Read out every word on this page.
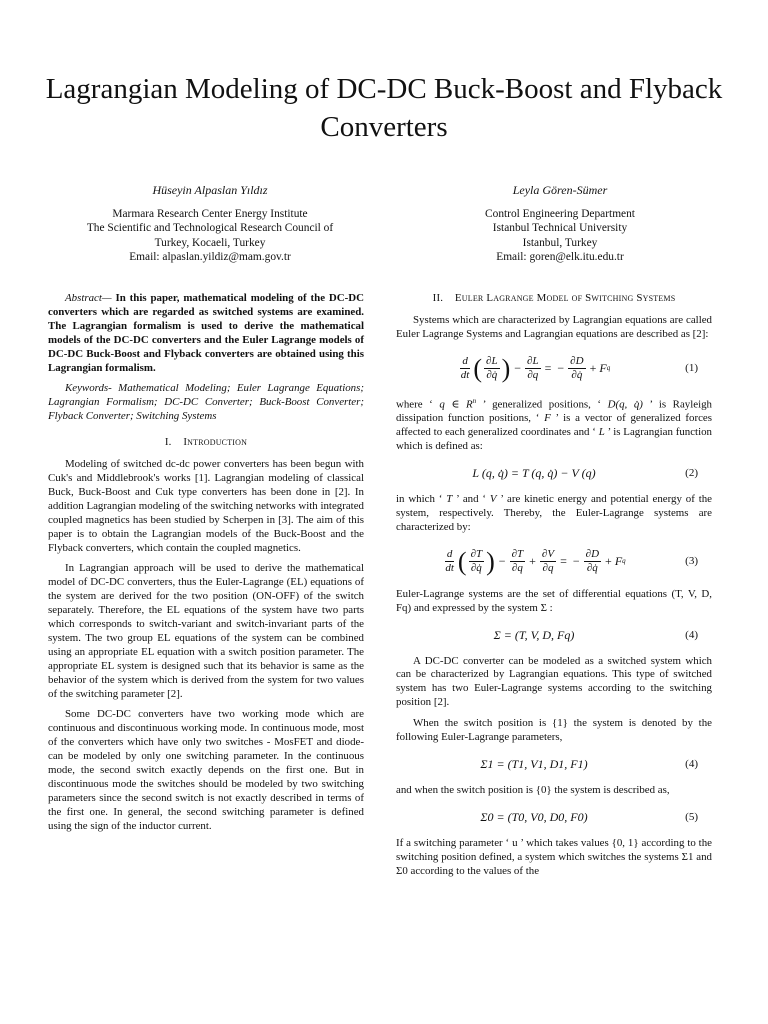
Lagrangian Modeling of DC-DC Buck-Boost and Flyback Converters
Hüseyin Alpaslan Yıldız
Marmara Research Center Energy Institute
The Scientific and Technological Research Council of
Turkey, Kocaeli, Turkey
Email: alpaslan.yildiz@mam.gov.tr
Leyla Gören-Sümer
Control Engineering Department
Istanbul Technical University
Istanbul, Turkey
Email: goren@elk.itu.edu.tr

Abstract— In this paper, mathematical modeling of the DC-DC converters which are regarded as switched systems are examined. The Lagrangian formalism is used to derive the mathematical models of the DC-DC converters and the Euler Lagrange models of DC-DC Buck-Boost and Flyback converters are obtained using this Lagrangian formalism.

Keywords- Mathematical Modeling; Euler Lagrange Equations; Lagrangian Formalism; DC-DC Converter; Buck-Boost Converter; Flyback Converter; Switching Systems

I. Introduction

Modeling of switched dc-dc power converters has been begun with Cuk's and Middlebrook's works [1]. Lagrangian modeling of classical Buck, Buck-Boost and Cuk type converters has been done in [2]. In addition Lagrangian modeling of the switching networks with integrated coupled magnetics has been studied by Scherpen in [3]. The aim of this paper is to obtain the Lagrangian models of the Buck-Boost and the Flyback converters, which contain the coupled magnetics.

In Lagrangian approach will be used to derive the mathematical model of DC-DC converters, thus the Euler-Lagrange (EL) equations of the system are derived for the two position (ON-OFF) of the switch separately. Therefore, the EL equations of the system have two parts which corresponds to switch-variant and switch-invariant parts of the system. The two group EL equations of the system can be combined using an appropriate EL equation with a switch position parameter. The appropriate EL system is designed such that its behavior is same as the behavior of the system which is derived from the system for two values of the switching parameter [2].

Some DC-DC converters have two working mode which are continuous and discontinuous working mode. In continuous mode, most of the converters which have only two switches - MosFET and diode- can be modeled by only one switching parameter. In the continuous mode, the second switch exactly depends on the first one. But in discontinuous mode the switches should be modeled by two switching parameters since the second switch is not exactly described in terms of the first one. In general, the second switching parameter is defined using the sign of the inductor current.

II. Euler Lagrange Model of Switching Systems

Systems which are characterized by Lagrangian equations are called Euler Lagrange Systems and Lagrangian equations are described as [2]:

$\frac{d}{dt}$ ( $\frac{\partial L}{\partial q̇}$ ) − $\frac{\partial L}{\partial q}$ = − $\frac{\partial D}{\partial q̇} + F$ q	(1)

where ‘ q ∈ $R^n$ ’ generalized positions, ‘ D(q, q̇) ’ is Rayleigh dissipation function positions, ‘ F ’ is a vector of generalized forces affected to each generalized coordinates and ‘ L ’ is Lagrangian function which is defined as:

L (q, q̇) = T (q, q̇) − V (q)	(2)

in which ‘ T ’ and ‘ V ’ are kinetic energy and potential energy of the system, respectively. Thereby, the Euler-Lagrange systems are characterized by:

$\frac{d}{dt}$ ( $\frac{\partial T}{\partial q̇}$ ) − $\frac{\partial T}{\partial q} + \frac{\partial V}{\partial q}$ = − $\frac{\partial D}{\partial q̇} + F$ q	(3)

Euler-Lagrange systems are the set of differential equations (T, V, D, Fq) and expressed by the system Σ :

Σ = (T, V, D, Fq)	(4)

A DC-DC converter can be modeled as a switched system which can be characterized by Lagrangian equations. This type of switched system has two Euler-Lagrange systems according to the switching position [2].

When the switch position is {1} the system is denoted by the following Euler-Lagrange parameters,

Σ1 = (T1, V1, D1, F1)	(4)

and when the switch position is {0} the system is described as,

Σ0 = (T0, V0, D0, F0)	(5)

If a switching parameter ‘ u ’ which takes values {0, 1} according to the switching position defined, a system which switches the systems Σ1 and Σ0 according to the values of the
